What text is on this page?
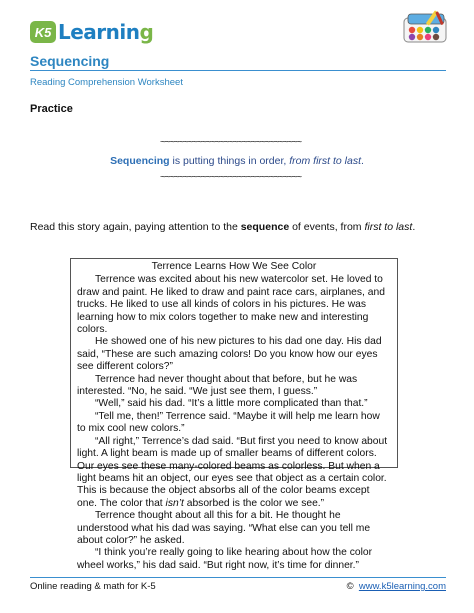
K5 Learning
Sequencing
Reading Comprehension Worksheet
Practice
~~~~~~~~~~~~~~~~~~~~~~~~~~~~~~~
Sequencing is putting things in order, from first to last.
~~~~~~~~~~~~~~~~~~~~~~~~~~~~~~~
Read this story again, paying attention to the sequence of events, from first to last.
Terrence Learns How We See Color

Terrence was excited about his new watercolor set. He loved to draw and paint. He liked to draw and paint race cars, airplanes, and trucks. He liked to use all kinds of colors in his pictures. He was learning how to mix colors together to make new and interesting colors.

He showed one of his new pictures to his dad one day. His dad said, “These are such amazing colors! Do you know how our eyes see different colors?”

Terrence had never thought about that before, but he was interested. “No, he said. “We just see them, I guess.”

“Well,” said his dad. “It’s a little more complicated than that.”

“Tell me, then!” Terrence said. “Maybe it will help me learn how to mix cool new colors.”

“All right,” Terrence’s dad said. “But first you need to know about light. A light beam is made up of smaller beams of different colors. Our eyes see these many-colored beams as colorless. But when a light beams hit an object, our eyes see that object as a certain color. This is because the object absorbs all of the color beams except one. The color that isn’t absorbed is the color we see.”

Terrence thought about all this for a bit. He thought he understood what his dad was saying. “What else can you tell me about color?” he asked.

“I think you’re really going to like hearing about how the color wheel works,” his dad said. “But right now, it’s time for dinner.”

Online reading & math for K-5	© www.k5learning.com
